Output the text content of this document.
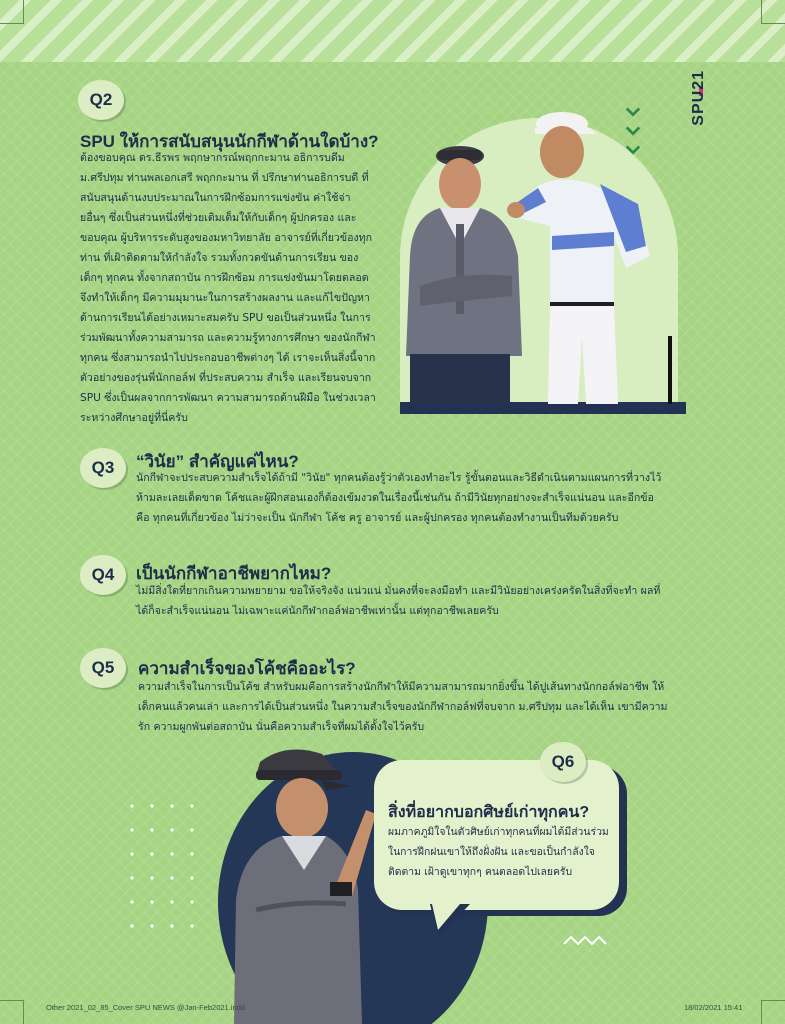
SPU21
Q2
SPU ให้การสนับสนุนนักกีฬาด้านใดบ้าง?
ต้องขอบคุณ ดร.ธีรพร พฤกษากรณ์พฤกกะมาน อธิการบดีมม.ศรีปทุม ท่านพลเอกเสรี พฤกกะมาน ที่ ปรึกษาท่านอธิการบดี ที่สนับสนุนด้านงบประมาณในการฝึกซ้อมการแข่งขัน ค่าใช้จ่ายอื่นๆ ซึ่งเป็นส่วนหนึ่งที่ช่วยเติมเต็มให้กับเด็กๆ ผู้ปกครอง และขอบคุณ ผู้บริหารระดับสูงของมหาวิทยาลัย อาจารย์ที่เกี่ยวข้องทุกท่าน ที่เฝ้าติดตามให้กำลังใจ รวมทั้งกวดขันด้านการเรียน ของเด็กๆ ทุกคน ทั้งจากสถาบัน การฝึกซ้อม การแข่งขันมาโดยตลอด จึงทำให้เด็กๆ มีความมุมานะในการสร้างผลงาน และแก้ไขปัญหา ด้านการเรียนได้อย่างเหมาะสมครับ SPU ขอเป็นส่วนหนึ่ง ในการร่วมพัฒนาทั้งความสามารถ และความรู้ทางการศึกษา ของนักกีฬาทุกคน ซึ่งสามารถนำไปประกอบอาชีพต่างๆ ได้ เราจะเห็นสิ่งนี้จากตัวอย่างของรุ่นพี่นักกอล์ฟ ที่ประสบความ สำเร็จ และเรียนจบจาก SPU ซึ่งเป็นผลจากการพัฒนา ความสามารถด้านฝีมือ ในช่วงเวลาระหว่างศึกษาอยู่ที่นี่ครับ

Q3	“วินัย” สำคัญแค่ไหน?
นักกีฬาจะประสบความสำเร็จได้ถ้ามี "วินัย" ทุกคนต้องรู้ว่าตัวเองทำอะไร รู้ขั้นตอนและวิธีดำเนินตามแผนการที่วางไว้ ห้ามละเลยเด็ดขาด โค้ชและผู้ฝึกสอนเองก็ต้องเข้มงวดในเรื่องนี้เช่นกัน ถ้ามีวินัยทุกอย่างจะสำเร็จแน่นอน และอีกข้อคือ ทุกคนที่เกี่ยวข้อง ไม่ว่าจะเป็น นักกีฬา โค้ช ครู อาจารย์ และผู้ปกครอง ทุกคนต้องทำงานเป็นทีมด้วยครับ
Q4	เป็นนักกีฬาอาชีพยากไหม?
ไม่มีสิ่งใดที่ยากเกินความพยายาม ขอให้จริงจัง แน่วแน่ มั่นคงที่จะลงมือทำ และมีวินัยอย่างเคร่งครัดในสิ่งที่จะทำ ผลที่ได้ก็จะสำเร็จแน่นอน ไม่เฉพาะแค่นักกีฬากอล์ฟอาชีพเท่านั้น แต่ทุกอาชีพเลยครับ
Q5	ความสำเร็จของโค้ชคืออะไร?
ความสำเร็จในการเป็นโค้ช สำหรับผมคือการสร้างนักกีฬาให้มีความสามารถมากยิ่งขึ้น ได้ปูเส้นทางนักกอล์ฟอาชีพ ให้เด็กคนแล้วคนเล่า และการได้เป็นส่วนหนึ่ง ในความสำเร็จของนักกีฬากอล์ฟที่จบจาก ม.ศรีปทุม และได้เห็น เขามีความรัก ความผูกพันต่อสถาบัน นั่นคือความสำเร็จที่ผมได้ตั้งใจไว้ครับ
Q6
สิ่งที่อยากบอกศิษย์เก่าทุกคน?
ผมภาคภูมิใจในตัวศิษย์เก่าทุกคนที่ผมได้มีส่วนร่วม ในการฝึกฝนเขาให้ถึงฝั่งฝัน และขอเป็นกำลังใจ ติดตาม เฝ้าดูเขาทุกๆ คนตลอดไปเลยครับ
Other 2021_02_85_Cover SPU NEWS @Jan-Feb2021.indd	18/02/2021 15:41
